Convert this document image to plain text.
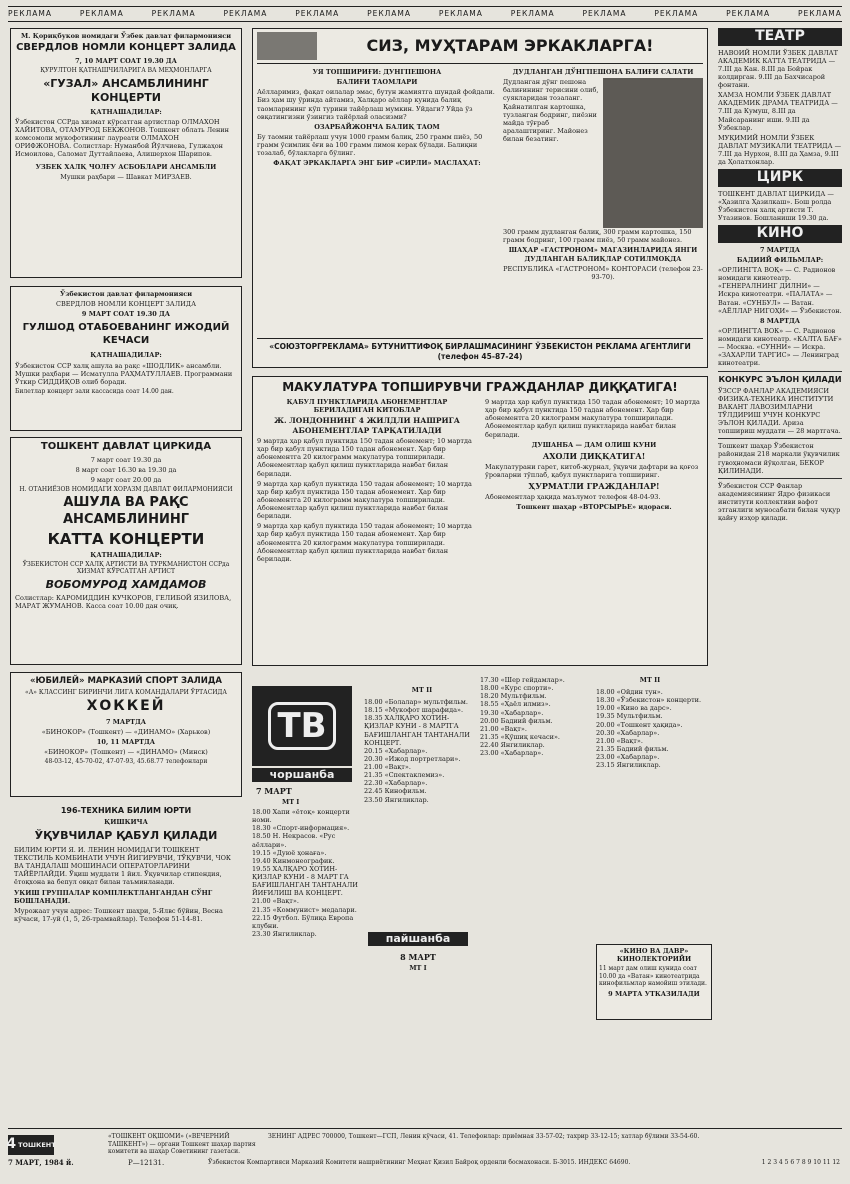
РЕКЛАМА	РЕКЛАМА	РЕКЛАМА	РЕКЛАМА	РЕКЛАМА	РЕКЛАМА	РЕКЛАМА	РЕКЛАМА	РЕКЛАМА	РЕКЛАМА	РЕКЛАМА	РЕКЛАМА

М. Қориқбуков номидаги Ўзбек давлат филармонияси

СВЕРДЛОВ НОМЛИ КОНЦЕРТ ЗАЛИДА

7, 10 МАРТ СОАТ 19.30 ДА

ҚУРУЛТОН ҚАТНАШЧИЛАРИГА ВА МЕҲМОНЛАРГА

«ГУЗАЛ» АНСАМБЛИНИНГ КОНЦЕРТИ

ҚАТНАШАДИЛАР:

Ўзбекистон ССРда хизмат кўрсатган артистлар ОЛМАХОН ХАЙИТОВА, ОТАМУРОД БЕКЖОНОВ. Тошкент облать Ленин комсомоли мукофотининг лауреати ОЛМАХОН ОРИФЖОНОВА. Солистлар: Нуманбой Йўлчиева, Гулжаҳон Исмоилова, Саломат Дуттайлаева, Алишерхон Шарипов.

УЗБЕК ХАЛҚ ЧОЛҒУ АСБОБЛАРИ АНСАМБЛИ

Мушки раҳбари — Шавкат МИРЗАЕВ.

Ўзбекистон давлат филармонияси

СВЕРДЛОВ НОМЛИ КОНЦЕРТ ЗАЛИДА

9 МАРТ СОАТ 19.30 ДА

ГУЛШОД ОТАБОЕВАНИНГ ИЖОДИЙ КЕЧАСИ

ҚАТНАШАДИЛАР:

Ўзбекистон ССР халқ ашула ва рақс «ШОДЛИК» ансамбли. Мушки раҳбари — Исматулла РАҲМАТУЛЛАЕВ. Программани Ўткир СИДДИҚОВ олиб боради.

Билетлар концерт зали кассасида соат 14.00 дан.

ТОШКЕНТ ДАВЛАТ ЦИРКИДА

7 март соат 19.30 да

8 март соат 16.30 ва 19.30 да

9 март соат 20.00 да

Н. ОТАНИЁЗОВ НОМИДАГИ ХОРАЗМ ДАВЛАТ ФИЛАРМОНИЯСИ

АШУЛА ВА РАҚС АНСАМБЛИНИНГ

КАТТА КОНЦЕРТИ

ҚАТНАШАДИЛАР:

ЎЗБЕКИСТОН ССР ХАЛҚ АРТИСТИ ВА ТУРКМАНИСТОН ССРда ХИЗМАТ КЎРСАТГАН АРТИСТ

ВОБОМУРОД ХАМДАМОВ

Солистлар: КАРОМИДДИН КУЧКОРОВ, ГЕЛИБОЙ ЯЗИЛОВА, МАРАТ ЖУМАНОВ. Кассa соат 10.00 дан очиқ.

«ЮБИЛЕЙ» МАРКАЗИЙ СПОРТ ЗАЛИДА

«А» КЛАССИНГ БИРИНЧИ ЛИГА КОМАНДАЛАРИ ЎРТАСИДА

ХОККЕЙ

7 МАРТДА

«БИНОКОР» (Тошкент) — «ДИНАМО» (Харьков)

10, 11 МАРТДА

«БИНОКОР» (Тошкент) — «ДИНАМО» (Минск)

48-03-12, 45-70-02, 47-07-93, 45.68.77 телефонлари

196-ТЕХНИКА БИЛИМ ЮРТИ

ҚИШКИЧА

ЎҚУВЧИЛАР ҚАБУЛ ҚИЛАДИ

БИЛИМ ЮРТИ Я. И. ЛЕНИН НОМИДАГИ ТОШКЕНТ ТЕКСТИЛЬ КОМБИНАТИ УЧУН ЙИГИРУВЧИ, ТЎҚУВЧИ, ЧОК ВА ТАНДАЛАШ МОШИНАСИ ОПЕРАТОРЛАРИНИ ТАЙЁРЛАЙДИ. Ўқиш муддати 1 йил. Ўқувчилар стипендия, ётоқхона ва бепул овқат билан таъминланади.

УКИШ ГРУППАЛАР КОМПЛЕКТЛАНГАНДАН СЎНГ БОШЛАНАДИ.

Мурожаат учун адрес: Тошкент шаҳри, 5-Ялвс бўйин, Весна кўчаси, 17-уй (1, 5, 26-трамвайлар). Телефон 51-14-81.

СИЗ, МУҲТАРАМ ЭРКАКЛАРГА!

УЯ ТОПШИРИҒИ: ДУНГПЕШОНА

БАЛИҒИ ТАОМЛАРИ

Аёлларимиз, фақат оилалар эмас, бутун жамиятга шундай фойдали. Биз ҳам шу ўринда айтамиз, Халқаро аёллар кунида балиқ таомларининг кўп турини тайёрлаш мумкин. Уйдаги? Уйда ўз овқатингизни ўзингиз тайёрлай оласизми?

ОЗАРБАЙЖОНЧА БАЛИҚ ТАОМ

Бу таомни тайёрлаш учун 1000 грамм балиқ, 250 грамм пиёз, 50 грамм ўсимлик ёғи ва 100 грамм лимон керак бўлади. Балиқни тозалаб, бўлакларга бўлинг.

ФАҚАТ ЭРКАКЛАРГА ЭНГ БИР «СИРЛИ» МАСЛАҲАТ:

ДУДЛАНГАН ДЎНГПЕШОНА БАЛИҒИ САЛАТИ

Дудланган дўнг пешона балиғининг терисини олиб, суякларидан тозаланг. Қайнатилган картошка, тузланган бодринг, пиёзни майда тўғраб аралаштиринг. Майонез билан безатинг.

300 грамм дудланган балиқ, 300 грамм картошка, 150 грамм бодринг, 100 грамм пиёз, 50 грамм майонез.

ШАҲАР «ГАСТРОНОМ» МАГАЗИНЛАРИДА ЯНГИ ДУДЛАНГАН БАЛИҚЛАР СОТИЛМОҚДА

РЕСПУБЛИКА «ГАСТРОНОМ» КОНТОРАСИ (телефон 23-93-70).

«СОЮЗТОРГРЕКЛАМА» БУТУНИТТИФОҚ БИРЛАШМАСИНИНГ ЎЗБЕКИСТОН РЕКЛАМА АГЕНТЛИГИ (телефон 45-87-24)

МАКУЛАТУРА ТОПШИРУВЧИ ГРАЖДАНЛАР ДИҚҚАТИГА!

ҚАБУЛ ПУНКТЛАРИДА АБОНЕМЕНТЛАР БЕРИЛАДИГАН КИТОБЛАР

Ж. ЛОНДОННИНГ 4 ЖИЛДЛИ НАШРИГА АБОНЕМЕНТЛАР ТАРҚАТИЛАДИ

9 мартда ҳар қабул пунктида 150 тадан абонемент; 10 мартда ҳар бир қабул пунктида 150 тадан абонемент. Ҳар бир абонементга 20 килограмм макулатура топширилади. Абонементлар қабул қилиш пунктларида навбат билан берилади.

9 мартда ҳар қабул пунктида 150 тадан абонемент; 10 мартда ҳар бир қабул пунктида 150 тадан абонемент. Ҳар бир абонементга 20 килограмм макулатура топширилади. Абонементлар қабул қилиш пунктларида навбат билан берилади.

9 мартда ҳар қабул пунктида 150 тадан абонемент; 10 мартда ҳар бир қабул пунктида 150 тадан абонемент. Ҳар бир абонементга 20 килограмм макулатура топширилади. Абонементлар қабул қилиш пунктларида навбат билан берилади.

9 мартда ҳар қабул пунктида 150 тадан абонемент; 10 мартда ҳар бир қабул пунктида 150 тадан абонемент. Ҳар бир абонементга 20 килограмм макулатура топширилади. Абонементлар қабул қилиш пунктларида навбат билан берилади.

ДУШАНБА — ДАМ ОЛИШ КУНИ

АХОЛИ ДИҚҚАТИГА!

Макулатурани гарет, китоб-журнал, ўқувчи дафтари ва қоғоз ўровларни тўплаб, қабул пунктларига топширинг.

ҲУРМАТЛИ ГРАЖДАНЛАР!

Абонементлар ҳақида маълумот телефон 48-04-93.

Тошкент шаҳар «ВТОРСЫРЬЕ» идораси.

ТВ

чоршанба

7 МАРТ

МТ I

18.00 Хапи «ётоқ» концерти номи.

18.30 «Спорт-информация».

18.50 Н. Некрасов. «Рус аёллари».

19.15 «Дуюё ҳонаға».

19.40 Кинмонеографик.

19.55 ХАЛҚАРО ХОТИН-ҚИЗЛАР КУНИ - 8 МАРТ ГА БАҒИШЛАНГАН ТАНТАНАЛИ ЙИҒИЛИШ ВА КОНЦЕРТ.

21.00 «Вақт».

21.35 «Коммунист» медалари.

22.15 Футбол. Бўлиқа Европа клубни.

23.30 Янгиликлар.

МТ II

18.00 «Болалар» мультфильм.

18.15 «Мукофот шарафида».

18.35 ХАЛҚАРО ХОТИН-ҚИЗЛАР КУНИ - 8 МАРТГА БАҒИШЛАНГАН ТАНТАНАЛИ КОНЦЕРТ.

20.15 «Хабарлар».

20.30 «Ижод портретлари».

21.00 «Вақт».

21.35 «Спектаклемиз».

22.30 «Хабарлар».

22.45 Кинофильм.

23.50 Янгиликлар.

пайшанба

8 МАРТ

МТ I

17.30 «Шер гейдамлар».

18.00 «Курс спорти».

18.20 Мультфильм.

18.55 «Ҳаёл илмиз».

19.30 «Хабарлар».

20.00 Бадиий фильм.

21.00 «Вақт».

21.35 «Қўшиқ кечаси».

22.40 Янгиликлар.

23.00 «Хабарлар».

МТ II

18.00 «Ойдин тун».

18.30 «Ўзбекистон» концерти.

19.00 «Кино ва дарс».

19.35 Мультфильм.

20.00 «Тошкент ҳақида».

20.30 «Хабарлар».

21.00 «Вақт».

21.35 Бадиий фильм.

23.00 «Хабарлар».

23.15 Янгиликлар.

ТЕАТР

НАВОИЙ НОМЛИ ЎЗБЕК ДАВЛАТ АКАДЕМИК КАТТА ТЕАТРИДА — 7.III да Кан. 8.III да Бойрак колдирган. 9.III да Бахчисарой фонтани.

ХАМЗА НОМЛИ ЎЗБЕК ДАВЛАТ АКАДЕМИК ДРАМА ТЕАТРИДА — 7.III да Кумуш, 8.III да Майсаранинг иши. 9.III да Ўзбеклар.

МУҚИМИЙ НОМЛИ ЎЗБЕК ДАВЛАТ МУЗИКАЛИ ТЕАТРИДА — 7.III да Нурхон, 8.III да Ҳамза, 9.III да Ҳолатхонлар.

ЦИРК

ТОШКЕНТ ДАВЛАТ ЦИРКИДА — «Ҳазилга Ҳазилкаш». Бош ролда Ўзбекистон халқ артисти Т. Утазинов. Бошланиши 19.30 да.

КИНО

7 МАРТДА

БАДИИЙ ФИЛЬМЛАР:

«ОРЛИНГТА ВОҚ» — С. Радионов номидаги кинотеатр. «ГЕНЕРАЛНИНГ ДИЛНИ» — Искра кинотеатри. «ПАЛАТА» — Ватан. «СУНБУЛ» — Ватан. «АЁЛЛАР НИГОҲИ» — Ўзбекистон.

8 МАРТДА

«ОРЛИНГТА ВОК» — С. Радионов номидаги кинотеатр. «КАЛТА БАҒ» — Москва. «СУННИ» — Искра. «ЗАХАРЛИ ТАРГИС» — Ленинград кинотеатри.

КОНКУРС ЭЪЛОН ҚИЛАДИ

ЎЗССР ФАНЛАР АКАДЕМИЯСИ ФИЗИКА-ТЕХНИКА ИНСТИТУТИ ВАКАНТ ЛАВОЗИМЛАРНИ ТЎЛДИРИШ УЧУН КОНКУРС ЭЪЛОН ҚИЛАДИ. Ариза топшириш муддати — 28 мартгача.

Тошкент шаҳар Ўзбекистон районидан 218 маркали ўқувчилик гувоҳномаси йўқолган, БЕКОР ҚИЛИНАДИ.

Ўзбекистон ССР Фанлар академиясининг Ядро физикаси институти коллективи вафот этганлиги муносабати билан чуқур қайғу изҳор қилади.

«КИНО ВА ДАВР» КИНОЛЕКТОРИЙИ

11 март дам олиш кунида соат 10.00 да «Ватан» кинотеатрида кинофильмлар намойиш этилади.

9 МАРТА УТКАЗИЛАДИ

4 ТОШКЕНТ

7 МАРТ, 1984 й.	Р—12131.

«ТОШКЕНТ ОҚШОМИ» («ВЕЧЕРНИЙ ТАШКЕНТ») — органи Тошкент шаҳар партия комитети ва шаҳар Советининг газетаси.

ЗЕНИНГ АДРЕС 700000, Тошкент—ГСП, Ленин кўчаси, 41. Телефонлар: приёмная 33-57-02; тахрир 33-12-15; хатлар бўлими 33-54-60.

Ўзбекистон Компартияси Марказий Комитети нашриётининг Меҳнат Қизил Байроқ орденли босмахонаси. Б-3015. ИНДЕКС 64690.	1 2 3 4 5 6 7 8 9 10 11 12
